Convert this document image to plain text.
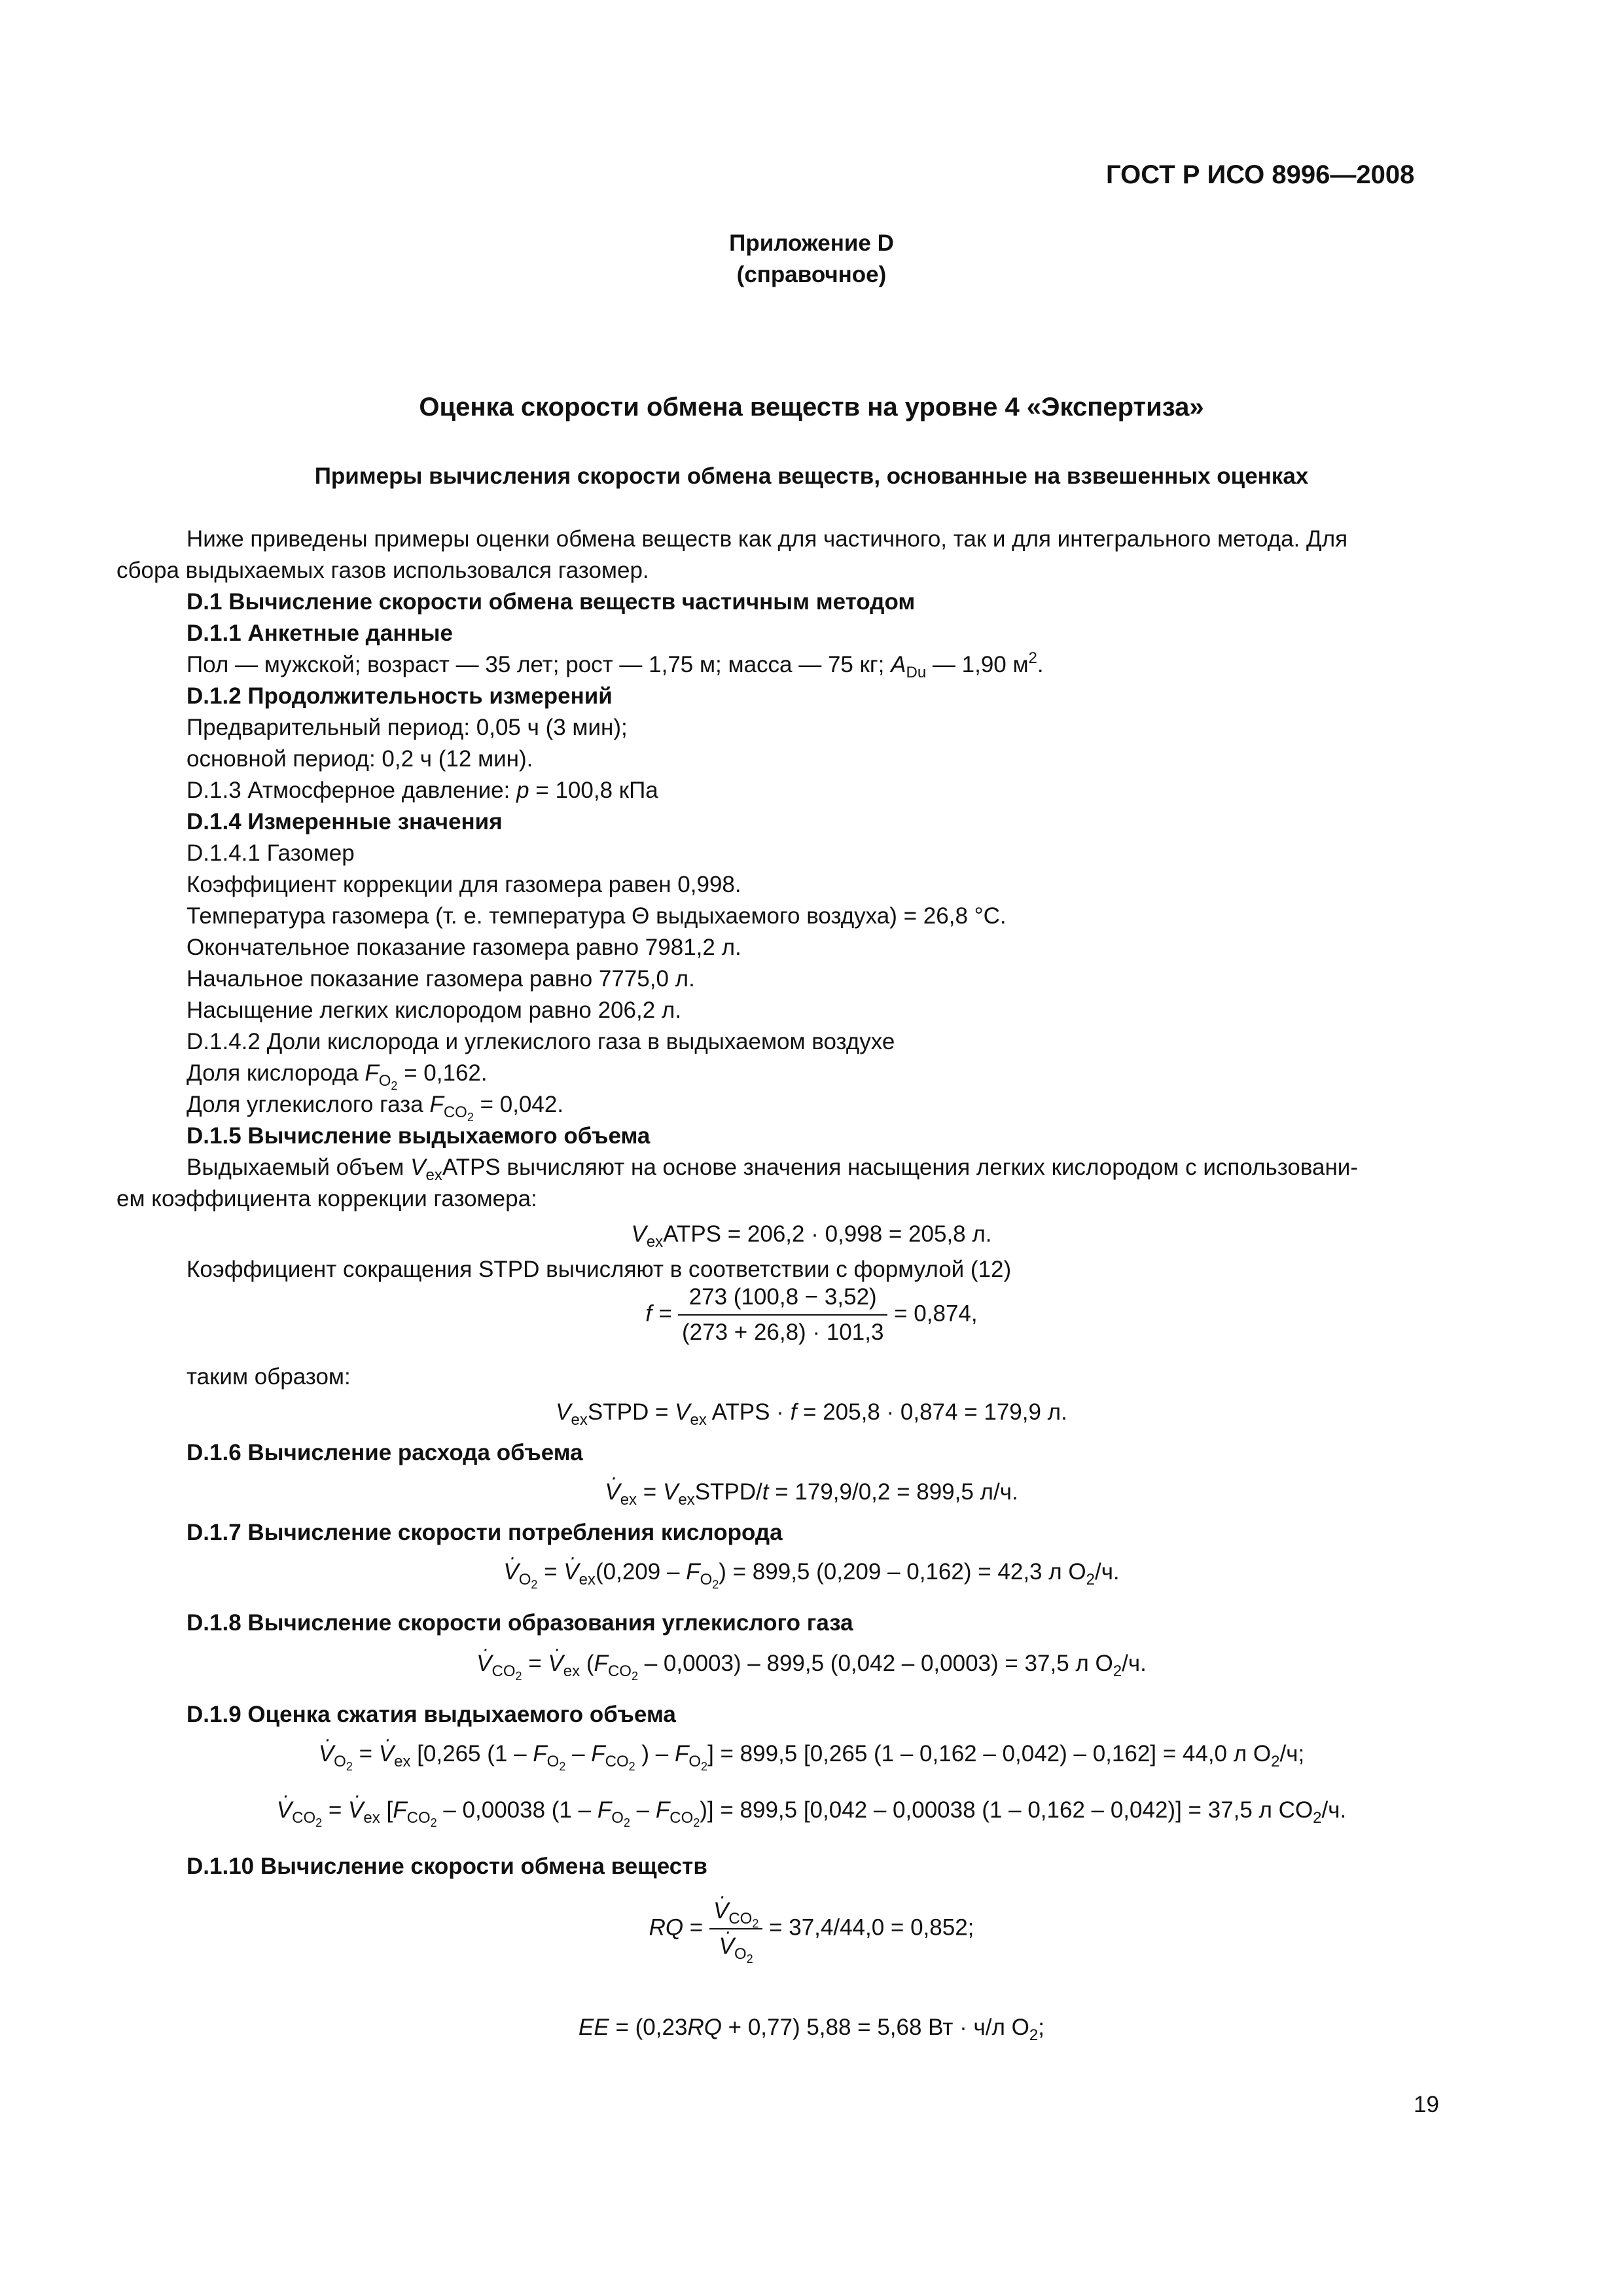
ГОСТ Р ИСО 8996—2008
Приложение D
(справочное)
Оценка скорости обмена веществ на уровне 4 «Экспертиза»
Примеры вычисления скорости обмена веществ, основанные на взвешенных оценках
Ниже приведены примеры оценки обмена веществ как для частичного, так и для интегрального метода. Для
сбора выдыхаемых газов использовался газомер.
D.1 Вычисление скорости обмена веществ частичным методом
D.1.1 Анкетные данные
Пол — мужской; возраст — 35 лет; рост — 1,75 м; масса — 75 кг; $A_{Du}$ — 1,90 $м^2$.
D.1.2 Продолжительность измерений
Предварительный период: 0,05 ч (3 мин);
основной период: 0,2 ч (12 мин).
D.1.3 Атмосферное давление: p = 100,8 кПа
D.1.4 Измеренные значения
D.1.4.1 Газомер
Коэффициент коррекции для газомера равен 0,998.
Температура газомера (т. е. температура Θ выдыхаемого воздуха) = 26,8 °С.
Окончательное показание газомера равно 7981,2 л.
Начальное показание газомера равно 7775,0 л.
Насыщение легких кислородом равно 206,2 л.
D.1.4.2 Доли кислорода и углекислого газа в выдыхаемом воздухе
Доля кислорода $F_{O_2} = 0,162$.
Доля углекислого газа $F_{CO_2} = 0,042$.
D.1.5 Вычисление выдыхаемого объема
Выдыхаемый объем $V_{ex}ATPS$ вычисляют на основе значения насыщения легких кислородом с использовани-
ем коэффициента коррекции газомера:
$V_{ex}ATPS = 206,2 \cdot 0,998 = 205,8$ л.
Коэффициент сокращения STPD вычисляют в соответствии с формулой (12)
$f = \frac{273 (100,8 - 3,52)}{(273 + 26,8) \cdot 101,3} = 0,874$,
таким образом:
$V_{ex}STPD = V_{ex}$ ATPS · f = 205,8 · 0,874 = 179,9 л.
D.1.6 Вычисление расхода объема
· $V_{ex}$ = $V_{ex}STPD/t = 179,9/0,2 = 899,5$ л/ч.
D.1.7 Вычисление скорости потребления кислорода
· $V_{O_2}$ = · $V_{ex}(0,209 - F_{O_2}) = 899,5$ (0,209 – 0,162) = 42,3 л $О_2/ч$.
D.1.8 Вычисление скорости образования углекислого газа
· $V_{CO_2}$ = · $V_{ex}$ $(F_{CO_2} - 0,0003) - 899,5$ (0,042 – 0,0003) = 37,5 л $О_2/ч$.
D.1.9 Оценка сжатия выдыхаемого объема
· $V_{O_2}$ = · $V_{ex}$ [0,265 ($1 - F_{O_2} - F_{CO_2}$ ) – $F_{O_2}] = 899,5$ [0,265 (1 – 0,162 – 0,042) – 0,162] = 44,0 л $О_2/ч$;
· $V_{CO_2}$ = · $V_{ex}$ [$F_{CO_2} - 0,00038$ $(1 - F_{O_2} - F_{CO_2})] = 899,5$ [0,042 – 0,00038 (1 – 0,162 – 0,042)] = 37,5 л $CO_2/ч$.
D.1.10 Вычисление скорости обмена веществ
RQ =
· $V_{CO_2}$
· $V_{O_2} = 37,4/44,0 = 0,852$;
EE = (0,23RQ + 0,77) 5,88 = 5,68 Вт · ч/л $О_2$;
19
